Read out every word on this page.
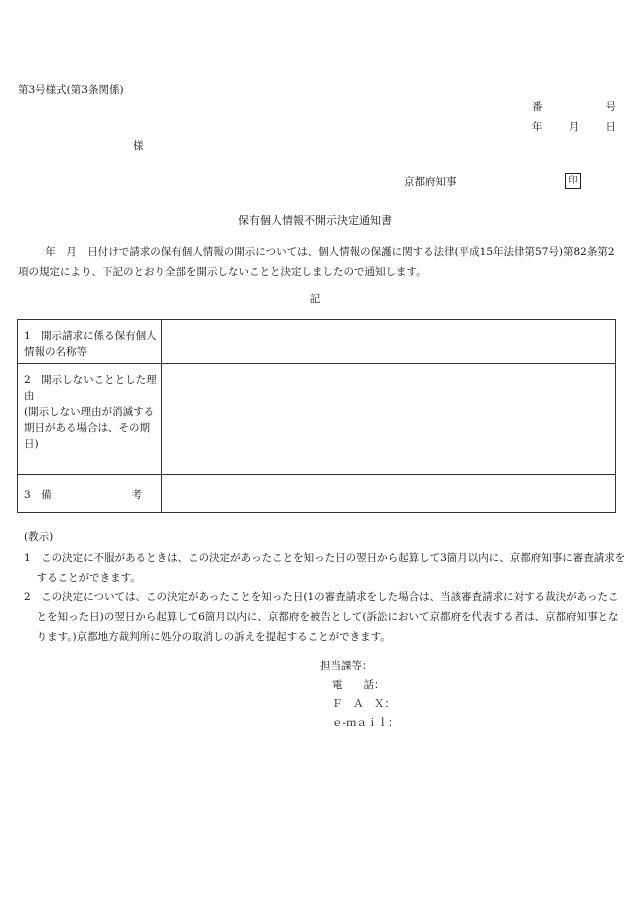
第3号様式(第3条関係)
番	号
年	月	日
様
京都府知事	印
保有個人情報不開示決定通知書
年　月　日付けで請求の保有個人情報の開示については、個人情報の保護に関する法律(平成15年法律第57号)第82条第2項の規定により、下記のとおり全部を開示しないことと決定しましたので通知します。
記
1　開示請求に係る保有個人情報の名称等	
2　開示しないこととした理由
(開示しない理由が消滅する期日がある場合は、その期日)	

3　備 考	

(教示)
1　この決定に不服があるときは、この決定があったことを知った日の翌日から起算して3箇月以内に、京都府知事に審査請求をすることができます。
2　この決定については、この決定があったことを知った日(1の審査請求をした場合は、当該審査請求に対する裁決があったことを知った日)の翌日から起算して6箇月以内に、京都府を被告として(訴訟において京都府を代表する者は、京都府知事となります。)京都地方裁判所に処分の取消しの訴えを提起することができます。
担当課等：
電　　話：
Ｆ　Ａ　Ｘ：
ｅ-ｍａｉｌ：
